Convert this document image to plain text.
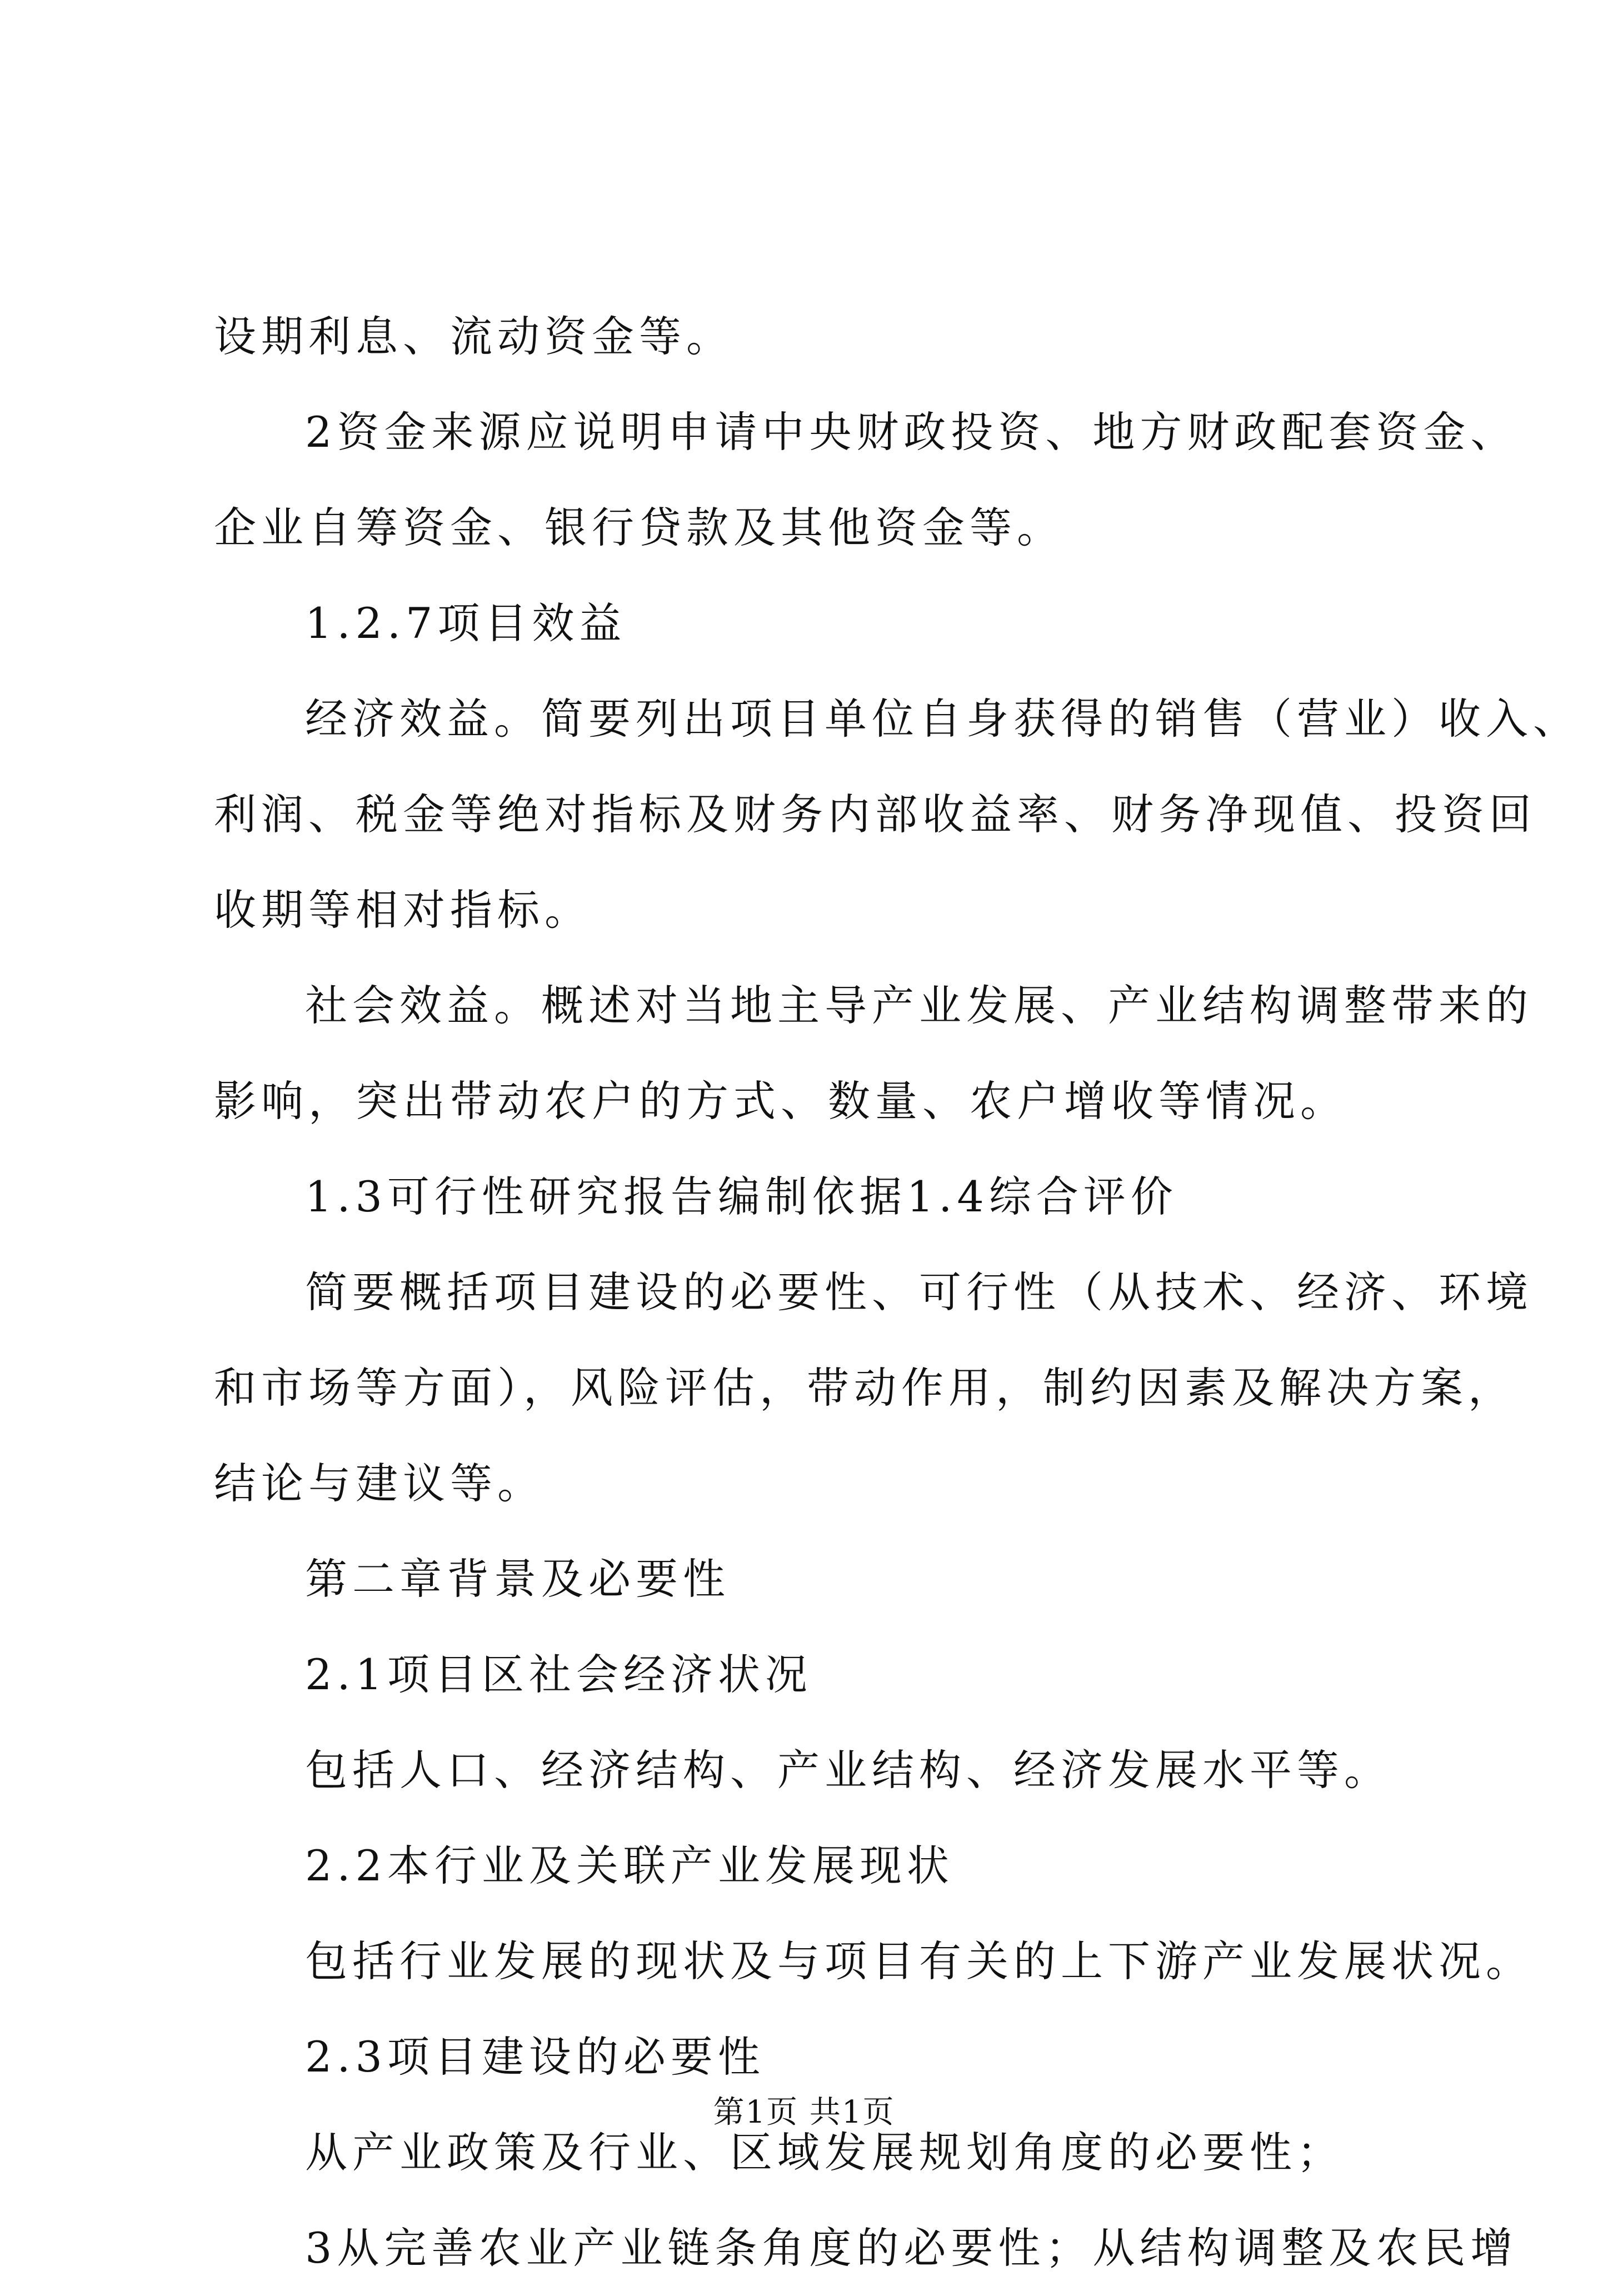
设期利息、流动资金等。
2资金来源应说明申请中央财政投资、地方财政配套资金、
企业自筹资金、银行贷款及其他资金等。
1.2.7项目效益
经济效益。简要列出项目单位自身获得的销售（营业）收入、
利润、税金等绝对指标及财务内部收益率、财务净现值、投资回
收期等相对指标。
社会效益。概述对当地主导产业发展、产业结构调整带来的
影响，突出带动农户的方式、数量、农户增收等情况。
1.3可行性研究报告编制依据1.4综合评价
简要概括项目建设的必要性、可行性（从技术、经济、环境
和市场等方面），风险评估，带动作用，制约因素及解决方案，
结论与建议等。
第二章背景及必要性
2.1项目区社会经济状况
包括人口、经济结构、产业结构、经济发展水平等。
2.2本行业及关联产业发展现状
包括行业发展的现状及与项目有关的上下游产业发展状况。
2.3项目建设的必要性
从产业政策及行业、区域发展规划角度的必要性；
3从完善农业产业链条角度的必要性；从结构调整及农民增
第1页 共1页
